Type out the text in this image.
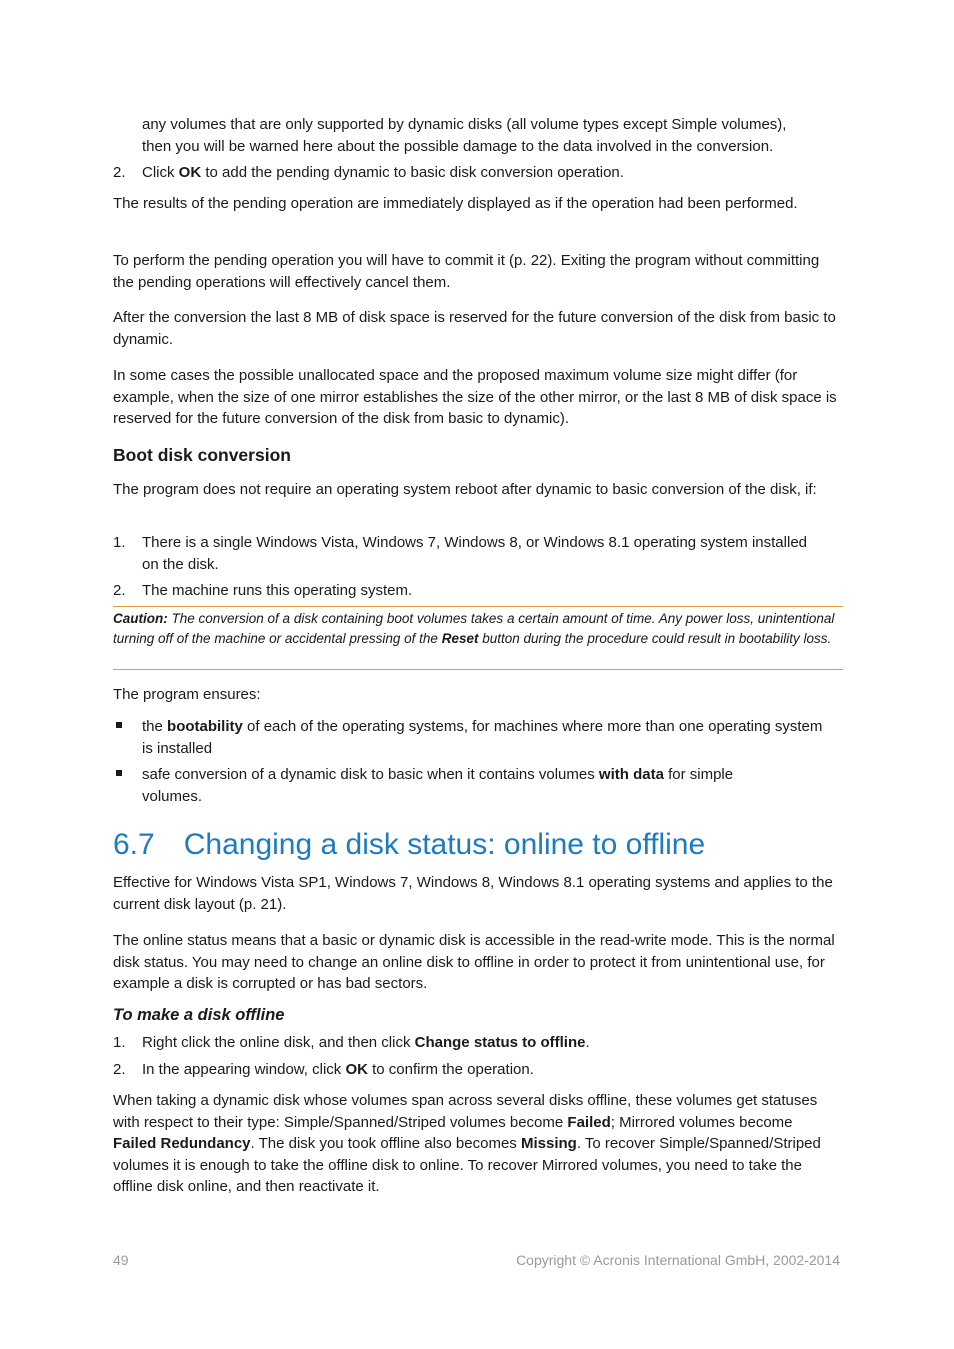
any volumes that are only supported by dynamic disks (all volume types except Simple volumes),

then you will be warned here about the possible damage to the data involved in the conversion.

2. Click OK to add the pending dynamic to basic disk conversion operation.

The results of the pending operation are immediately displayed as if the operation had been performed.

To perform the pending operation you will have to commit it (p. 22). Exiting the program without committing the pending operations will effectively cancel them.

After the conversion the last 8 MB of disk space is reserved for the future conversion of the disk from basic to dynamic.

In some cases the possible unallocated space and the proposed maximum volume size might differ (for example, when the size of one mirror establishes the size of the other mirror, or the last 8 MB of disk space is reserved for the future conversion of the disk from basic to dynamic).

Boot disk conversion

The program does not require an operating system reboot after dynamic to basic conversion of the disk, if:

1. There is a single Windows Vista, Windows 7, Windows 8, or Windows 8.1 operating system installed on the disk.

2. The machine runs this operating system.

Caution: The conversion of a disk containing boot volumes takes a certain amount of time. Any power loss, unintentional turning off of the machine or accidental pressing of the Reset button during the procedure could result in bootability loss.

The program ensures:

the bootability of each of the operating systems, for machines where more than one operating system is installed

safe conversion of a dynamic disk to basic when it contains volumes with data for simple volumes.

6.7 Changing a disk status: online to offline

Effective for Windows Vista SP1, Windows 7, Windows 8, Windows 8.1 operating systems and applies to the current disk layout (p. 21).

The online status means that a basic or dynamic disk is accessible in the read-write mode. This is the normal disk status. You may need to change an online disk to offline in order to protect it from unintentional use, for example a disk is corrupted or has bad sectors.

To make a disk offline

1. Right click the online disk, and then click Change status to offline.

2. In the appearing window, click OK to confirm the operation.

When taking a dynamic disk whose volumes span across several disks offline, these volumes get statuses with respect to their type: Simple/Spanned/Striped volumes become Failed; Mirrored volumes become Failed Redundancy. The disk you took offline also becomes Missing. To recover Simple/Spanned/Striped volumes it is enough to take the offline disk to online. To recover Mirrored volumes, you need to take the offline disk online, and then reactivate it.

49	Copyright © Acronis International GmbH, 2002-2014
